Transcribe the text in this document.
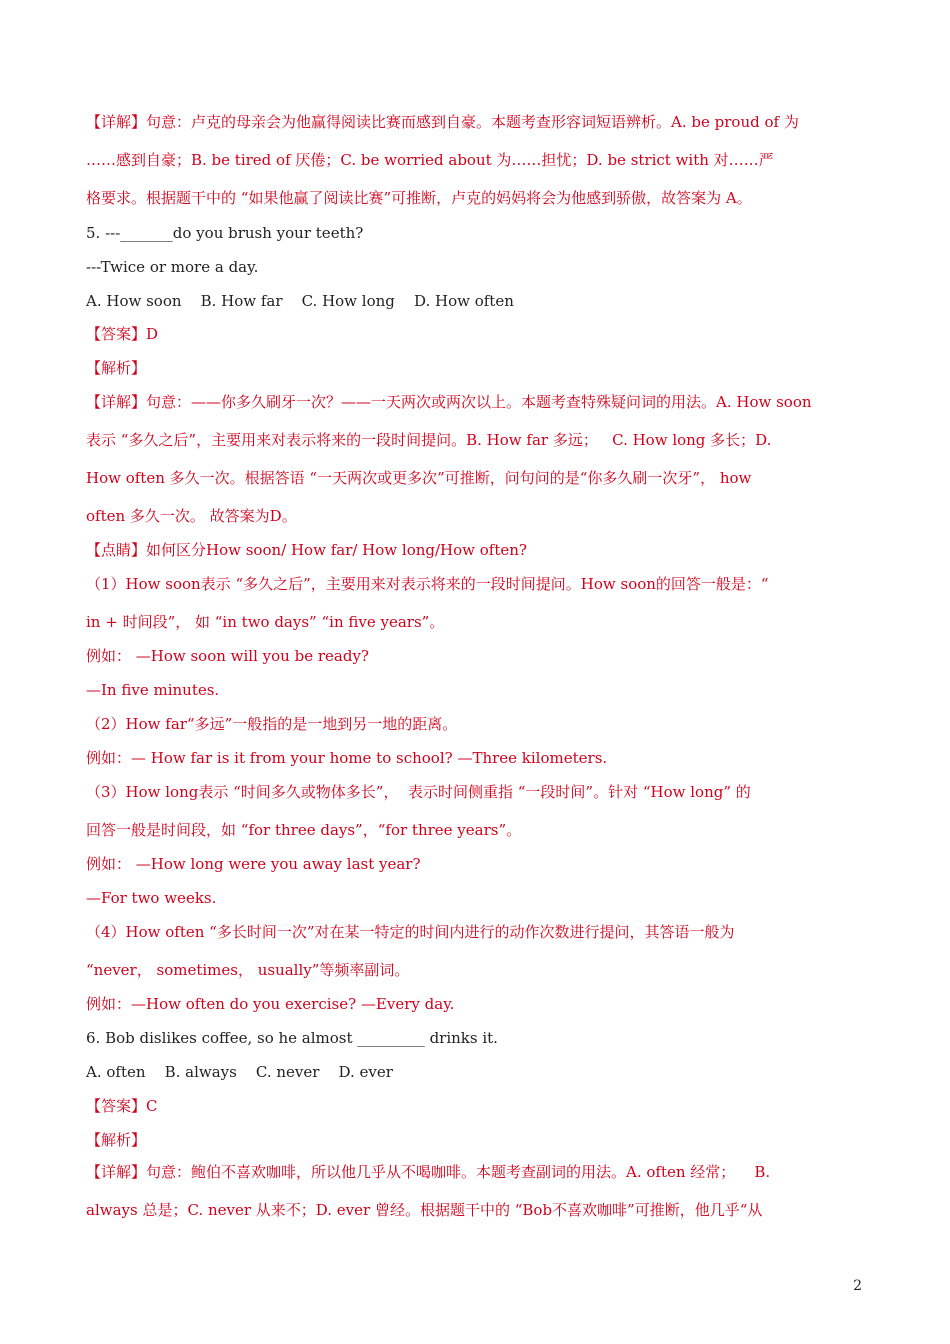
【详解】句意：卢克的母亲会为他赢得阅读比赛而感到自豪。本题考查形容词短语辨析。A. be proud of 为
……感到自豪；B. be tired of 厌倦；C. be worried about 为……担忧；D. be strict with 对……严
格要求。根据题干中的 “如果他赢了阅读比赛”可推断，卢克的妈妈将会为他感到骄傲，故答案为 A。
5. ---_______do you brush your teeth?
---Twice or more a day.
A. How soon    B. How far    C. How long    D. How often
【答案】D
【解析】
【详解】句意：——你多久刷牙一次？——一天两次或两次以上。本题考查特殊疑问词的用法。A. How soon
表示 “多久之后”，主要用来对表示将来的一段时间提问。B. How far 多远；   C. How long 多长；D.
How often 多久一次。根据答语 “一天两次或更多次”可推断，问句问的是“你多久刷一次牙”， how
often 多久一次。 故答案为D。
【点睛】如何区分How soon/ How far/ How long/How often?
（1）How soon表示 “多久之后”，主要用来对表示将来的一段时间提问。How soon的回答一般是：“
in + 时间段”， 如 “in two days” “in five years”。
例如： —How soon will you be ready?
—In five minutes.
（2）How far“多远”一般指的是一地到另一地的距离。
例如：— How far is it from your home to school? —Three kilometers.
（3）How long表示 “时间多久或物体多长”，  表示时间侧重指 “一段时间”。针对 “How long” 的
回答一般是时间段，如 “for three days”，“for three years”。
例如： —How long were you away last year?
—For two weeks.
（4）How often “多长时间一次”对在某一特定的时间内进行的动作次数进行提问，其答语一般为
“never， sometimes， usually”等频率副词。
例如：—How often do you exercise? —Every day.
6. Bob dislikes coffee, so he almost _________ drinks it.
A. often    B. always    C. never    D. ever
【答案】C
【解析】
【详解】句意：鲍伯不喜欢咖啡，所以他几乎从不喝咖啡。本题考查副词的用法。A. often 经常；    B.
always 总是；C. never 从来不；D. ever 曾经。根据题干中的 “Bob不喜欢咖啡”可推断，他几乎“从
2
